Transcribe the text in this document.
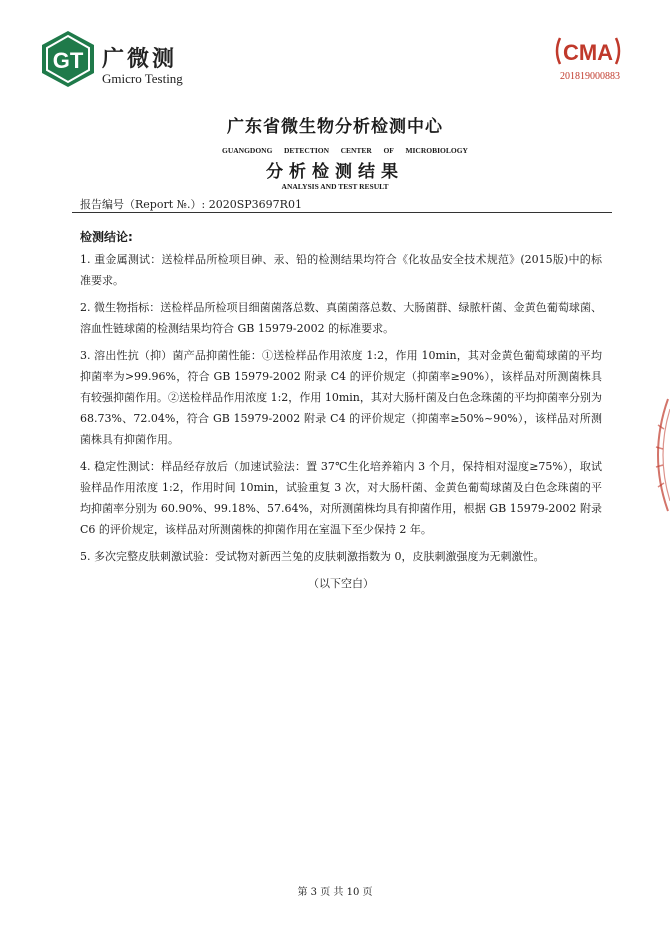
GT 广微测
Gmicro Testing
CMA
201819000883
广东省微生物分析检测中心
GUANGDONG DETECTION CENTER OF MICROBIOLOGY
分析检测结果
ANALYSIS AND TEST RESULT
报告编号（Report №.）: 2020SP3697R01
检测结论:

1. 重金属测试：送检样品所检项目砷、汞、铅的检测结果均符合《化妆品安全技术规范》(2015版)中的标准要求。

2. 微生物指标：送检样品所检项目细菌菌落总数、真菌菌落总数、大肠菌群、绿脓杆菌、金黄色葡萄球菌、溶血性链球菌的检测结果均符合 GB 15979-2002 的标准要求。

3. 溶出性抗（抑）菌产品抑菌性能：①送检样品作用浓度 1:2，作用 10min，其对金黄色葡萄球菌的平均抑菌率为>99.96%，符合 GB 15979-2002 附录 C4 的评价规定（抑菌率≥90%），该样品对所测菌株具有较强抑菌作用。②送检样品作用浓度 1:2，作用 10min，其对大肠杆菌及白色念珠菌的平均抑菌率分别为 68.73%、72.04%，符合 GB 15979-2002 附录 C4 的评价规定（抑菌率≥50%~90%），该样品对所测菌株具有抑菌作用。

4. 稳定性测试：样品经存放后（加速试验法：置 37℃生化培养箱内 3 个月，保持相对湿度≥75%），取试验样品作用浓度 1:2，作用时间 10min，试验重复 3 次，对大肠杆菌、金黄色葡萄球菌及白色念珠菌的平均抑菌率分别为 60.90%、99.18%、57.64%，对所测菌株均具有抑菌作用，根据 GB 15979-2002 附录 C6 的评价规定，该样品对所测菌株的抑菌作用在室温下至少保持 2 年。

5. 多次完整皮肤刺激试验：受试物对新西兰兔的皮肤刺激指数为 0，皮肤刺激强度为无刺激性。

（以下空白）
第 3 页 共 10 页
